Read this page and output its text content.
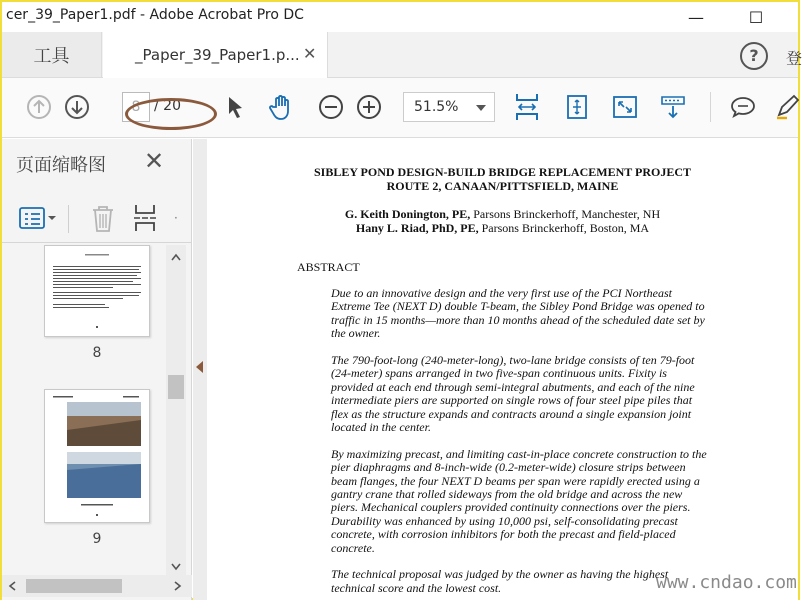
cer_39_Paper1.pdf - Adobe Acrobat Pro DC	—	☐
工具	_Paper_39_Paper1.p... ✕	?	登
8 / 20	51.5%
页面缩略图 ✕
·
8
9
SIBLEY POND DESIGN-BUILD BRIDGE REPLACEMENT PROJECT
ROUTE 2, CANAAN/PITTSFIELD, MAINE
G. Keith Donington, PE, Parsons Brinckerhoff, Manchester, NH
Hany L. Riad, PhD, PE, Parsons Brinckerhoff, Boston, MA
ABSTRACT

Due to an innovative design and the very first use of the PCI Northeast Extreme Tee (NEXT D) double T-beam, the Sibley Pond Bridge was opened to traffic in 15 months—more than 10 months ahead of the scheduled date set by the owner.

The 790-foot-long (240-meter-long), two-lane bridge consists of ten 79-foot (24-meter) spans arranged in two five-span continuous units. Fixity is provided at each end through semi-integral abutments, and each of the nine intermediate piers are supported on single rows of four steel pipe piles that flex as the structure expands and contracts around a single expansion joint located in the center.

By maximizing precast, and limiting cast-in-place concrete construction to the pier diaphragms and 8-inch-wide (0.2-meter-wide) closure strips between beam flanges, the four NEXT D beams per span were rapidly erected using a gantry crane that rolled sideways from the old bridge and across the new piers. Mechanical couplers provided continuity connections over the piers. Durability was enhanced by using 10,000 psi, self-consolidating precast concrete, with corrosion inhibitors for both the precast and field-placed concrete.

The technical proposal was judged by the owner as having the highest technical score and the lowest cost.	www.cndao.com
